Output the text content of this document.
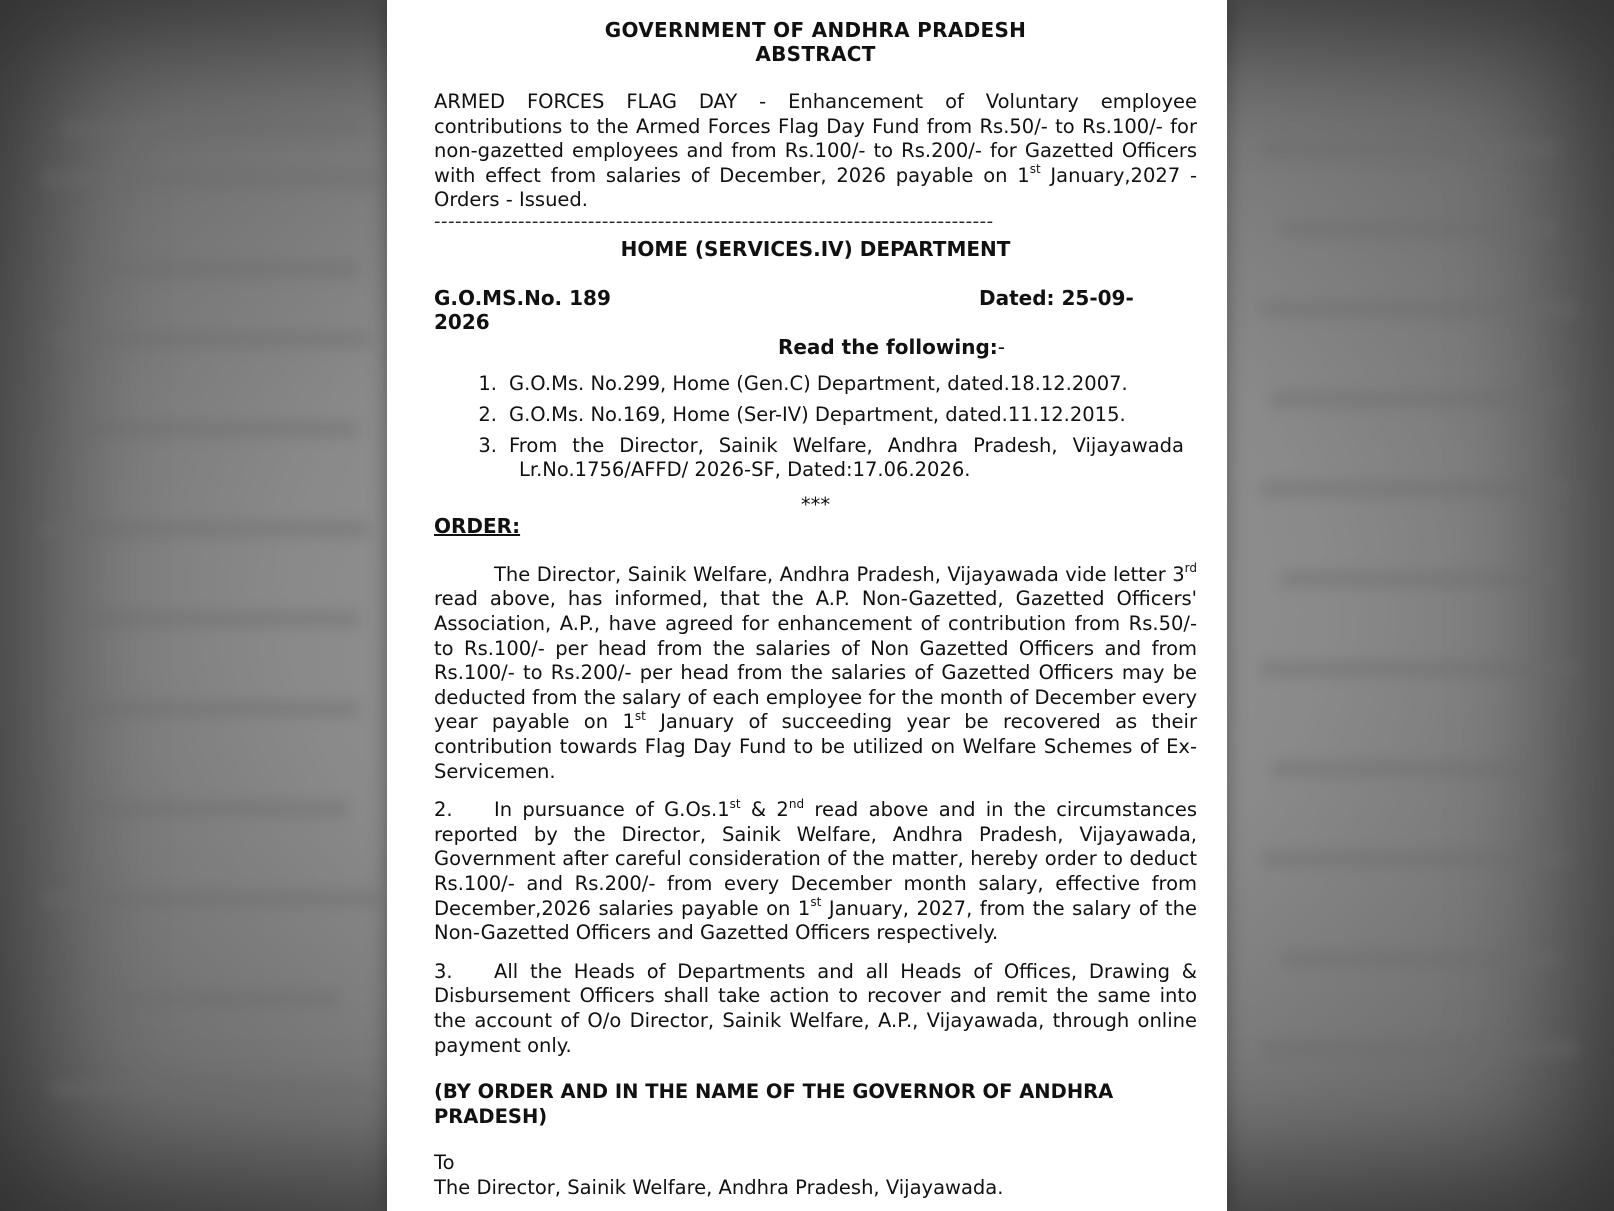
GOVERNMENT OF ANDHRA PRADESH
ABSTRACT
ARMED FORCES FLAG DAY - Enhancement of Voluntary employee contributions to the Armed Forces Flag Day Fund from Rs.50/- to Rs.100/- for non-gazetted employees and from Rs.100/- to Rs.200/- for Gazetted Officers with effect from salaries of December, 2026 payable on 1st January,2027 - Orders - Issued.
--------------------------------------------------------------------------------
HOME (SERVICES.IV) DEPARTMENT
G.O.MS.No. 189	Dated: 25-09-
2026
Read the following:-
1. G.O.Ms. No.299, Home (Gen.C) Department, dated.18.12.2007.
2. G.O.Ms. No.169, Home (Ser-IV) Department, dated.11.12.2015.
3. From the Director, Sainik Welfare, Andhra Pradesh, Vijayawada
Lr.No.1756/AFFD/ 2026-SF, Dated:17.06.2026.
***
ORDER:
The Director, Sainik Welfare, Andhra Pradesh, Vijayawada vide letter 3rd read above, has informed, that the A.P. Non-Gazetted, Gazetted Officers' Association, A.P., have agreed for enhancement of contribution from Rs.50/- to Rs.100/- per head from the salaries of Non Gazetted Officers and from Rs.100/- to Rs.200/- per head from the salaries of Gazetted Officers may be deducted from the salary of each employee for the month of December every year payable on 1st January of succeeding year be recovered as their contribution towards Flag Day Fund to be utilized on Welfare Schemes of Ex-Servicemen.
2. In pursuance of G.Os.1st & 2nd read above and in the circumstances reported by the Director, Sainik Welfare, Andhra Pradesh, Vijayawada, Government after careful consideration of the matter, hereby order to deduct Rs.100/- and Rs.200/- from every December month salary, effective from December,2026 salaries payable on 1st January, 2027, from the salary of the Non-Gazetted Officers and Gazetted Officers respectively.
3. All the Heads of Departments and all Heads of Offices, Drawing & Disbursement Officers shall take action to recover and remit the same into the account of O/o Director, Sainik Welfare, A.P., Vijayawada, through online payment only.
(BY ORDER AND IN THE NAME OF THE GOVERNOR OF ANDHRA PRADESH)
To
The Director, Sainik Welfare, Andhra Pradesh, Vijayawada.
